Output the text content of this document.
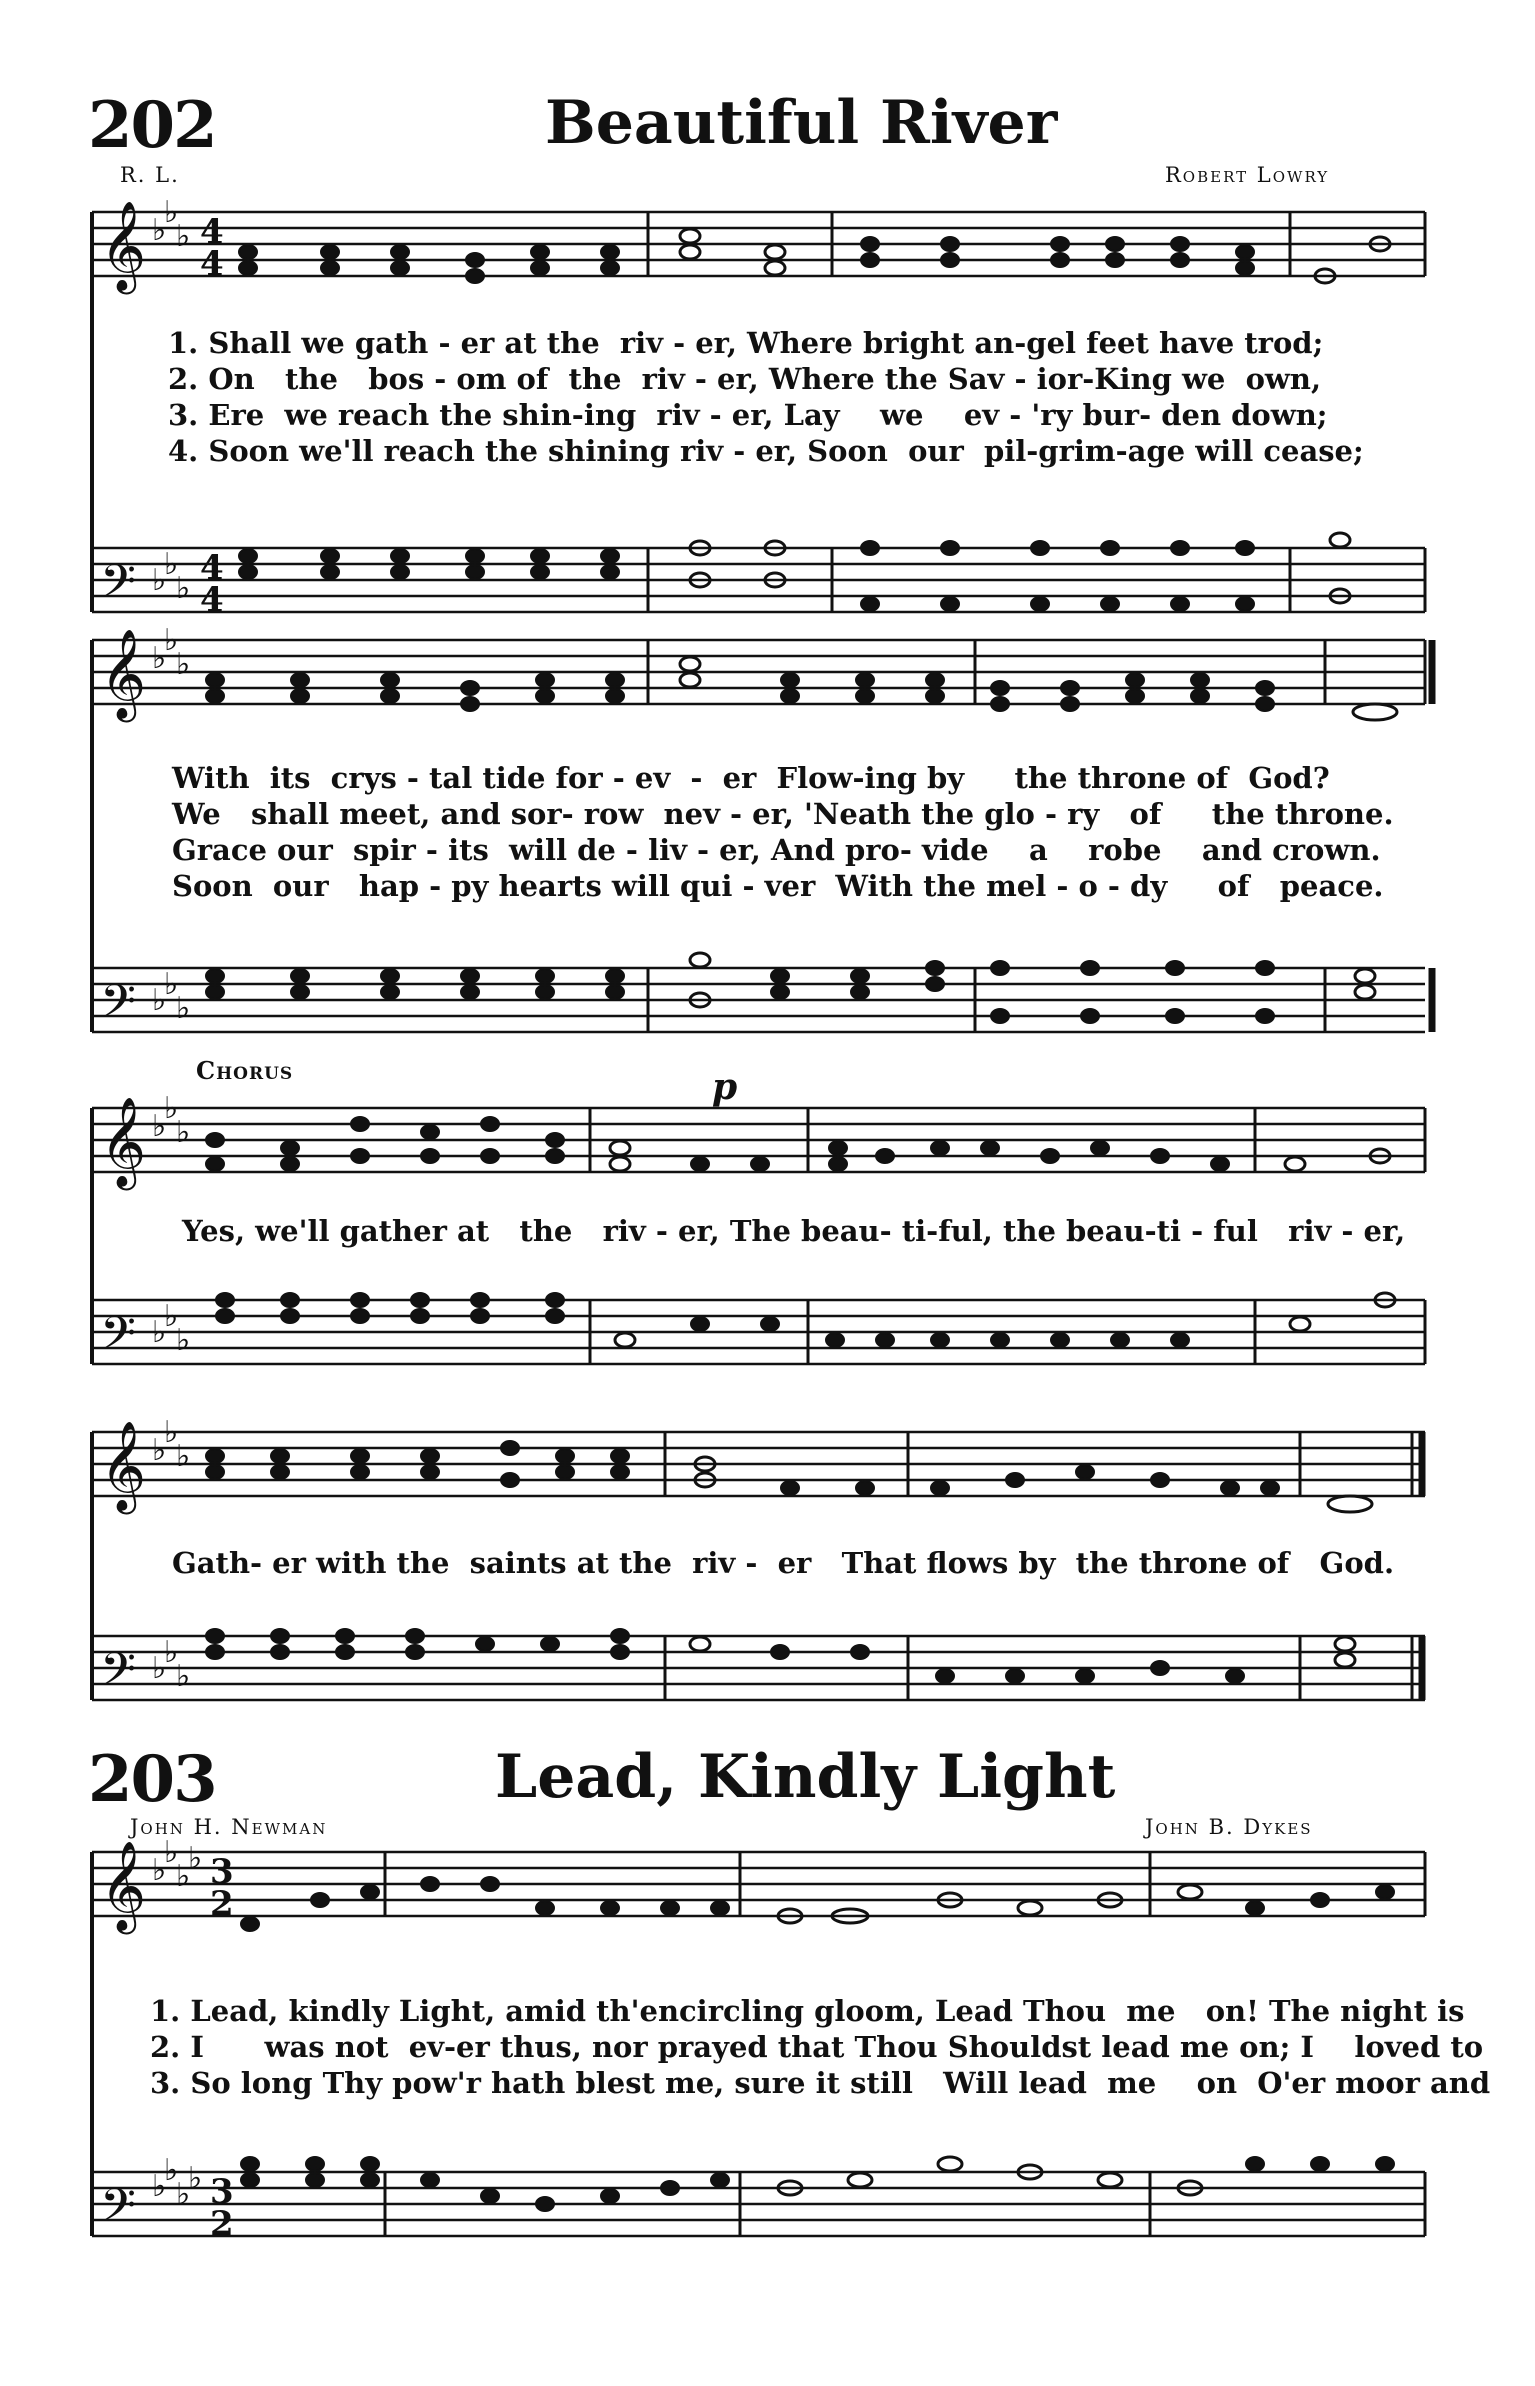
202	Beautiful River
R. L.	Robert Lowry
𝄞
𝄢
𝄞
𝄢
𝄞
𝄢
𝄞
𝄢
𝄞
𝄢
♭
♭
♭
♭
♭
♭
♭
♭
♭
♭
♭
♭
♭
♭
♭
♭
♭
♭
♭
♭
♭
♭
♭
♭
♭
♭
♭
♭
♭
♭
♭
♭
4
4
4
4
3
2
3
2
1. Shall we gath - er at the  riv - er, Where bright an-gel feet have trod;
2. On   the   bos - om of  the  riv - er, Where the Sav - ior-King we  own,
3. Ere  we reach the shin-ing  riv - er, Lay    we    ev - 'ry bur- den down;
4. Soon we'll reach the shining riv - er, Soon  our  pil-grim-age will cease;
With  its  crys - tal tide for - ev  -  er  Flow-ing by     the throne of  God?
We   shall meet, and sor- row  nev - er, 'Neath the glo - ry   of     the throne.
Grace our  spir - its  will de - liv - er, And pro- vide    a    robe    and crown.
Soon  our   hap - py hearts will qui - ver  With the mel - o - dy     of   peace.
Chorus	p
Yes, we'll gather at   the   riv - er, The beau- ti-ful, the beau-ti - ful   riv - er,
Gath- er with the  saints at the  riv -  er   That flows by  the throne of   God.
203	Lead, Kindly Light
John H. Newman	John B. Dykes
1. Lead, kindly Light, amid th'encircling gloom, Lead Thou  me   on! The night is
2. I      was not  ev-er thus, nor prayed that Thou Shouldst lead me on; I    loved to
3. So long Thy pow'r hath blest me, sure it still   Will lead  me    on  O'er moor and
